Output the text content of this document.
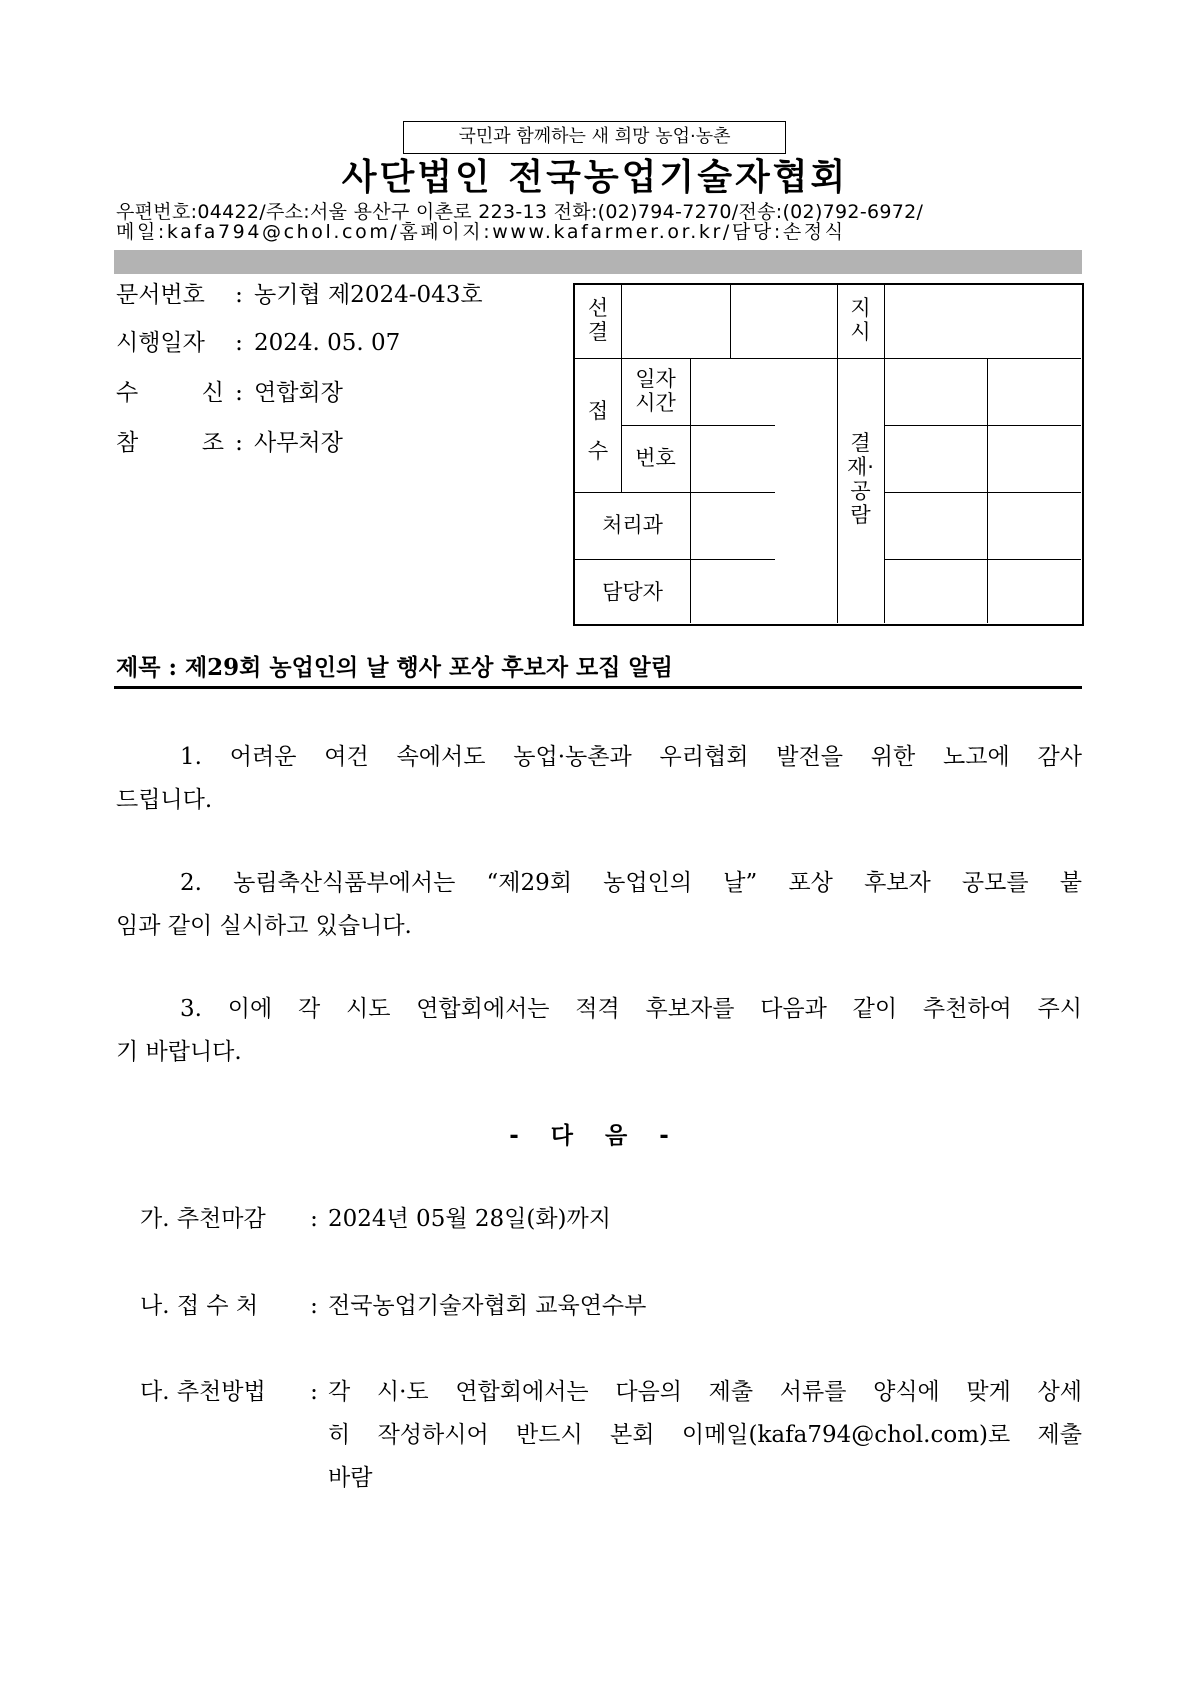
국민과 함께하는 새 희망 농업·농촌
사단법인 전국농업기술자협회
우편번호:04422/주소:서울 용산구 이촌로 223-13 전화:(02)794-7270/전송:(02)792-6972/
메일:kafa794@chol.com/홈페이지:www.kafarmer.or.kr/담당:손정식
문서번호 : 농기협 제2024-043호
시행일자 : 2024. 05. 07
수 신 : 연합회장
참 조 : 사무처장
선
결
지
시
접
수
일자
시간
번호
처리과
담당자
결
재·
공
람
제목 : 제29회 농업인의 날 행사 포상 후보자 모집 알림
1. 어려운 여건 속에서도 농업·농촌과 우리협회 발전을 위한 노고에 감사
드립니다.
2. 농림축산식품부에서는 “제29회 농업인의 날” 포상 후보자 공모를 붙
임과 같이 실시하고 있습니다.
3. 이에 각 시도 연합회에서는 적격 후보자를 다음과 같이 추천하여 주시
기 바랍니다.
- 다 음 -
가. 추천마감 : 2024년 05월 28일(화)까지
나. 접 수 처 : 전국농업기술자협회 교육연수부
다. 추천방법 : 각 시·도 연합회에서는 다음의 제출 서류를 양식에 맞게 상세
히 작성하시어 반드시 본회 이메일(kafa794@chol.com)로 제출
바람
